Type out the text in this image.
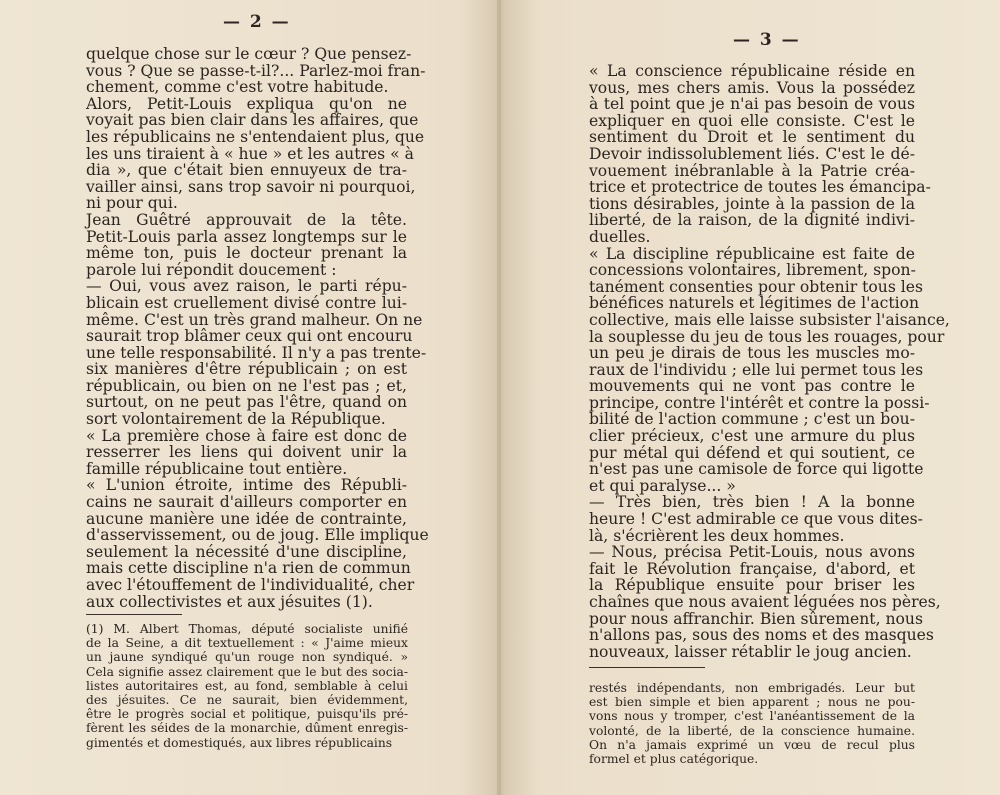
— 2 —
quelque chose sur le cœur ? Que pensez-
vous ? Que se passe-t-il?... Parlez-moi fran-
chement, comme c'est votre habitude.
Alors, Petit-Louis expliqua qu'on ne
voyait pas bien clair dans les affaires, que
les républicains ne s'entendaient plus, que
les uns tiraient à « hue » et les autres « à
dia », que c'était bien ennuyeux de tra-
vailler ainsi, sans trop savoir ni pourquoi,
ni pour qui.
Jean Guêtré approuvait de la tête.
Petit-Louis parla assez longtemps sur le
même ton, puis le docteur prenant la
parole lui répondit doucement :
— Oui, vous avez raison, le parti répu-
blicain est cruellement divisé contre lui-
même. C'est un très grand malheur. On ne
saurait trop blâmer ceux qui ont encouru
une telle responsabilité. Il n'y a pas trente-
six manières d'être républicain ; on est
républicain, ou bien on ne l'est pas ; et,
surtout, on ne peut pas l'être, quand on
sort volontairement de la République.
« La première chose à faire est donc de
resserrer les liens qui doivent unir la
famille républicaine tout entière.
« L'union étroite, intime des Républi-
cains ne saurait d'ailleurs comporter en
aucune manière une idée de contrainte,
d'asservissement, ou de joug. Elle implique
seulement la nécessité d'une discipline,
mais cette discipline n'a rien de commun
avec l'étouffement de l'individualité, cher
aux collectivistes et aux jésuites (1).
(1) M. Albert Thomas, député socialiste unifié
de la Seine, a dit textuellement : « J'aime mieux
un jaune syndiqué qu'un rouge non syndiqué. »
Cela signifie assez clairement que le but des socia-
listes autoritaires est, au fond, semblable à celui
des jésuites. Ce ne saurait, bien évidemment,
être le progrès social et politique, puisqu'ils pré-
fèrent les séides de la monarchie, dûment enregis-
gimentés et domestiqués, aux libres républicains
— 3 —
« La conscience républicaine réside en
vous, mes chers amis. Vous la possédez
à tel point que je n'ai pas besoin de vous
expliquer en quoi elle consiste. C'est le
sentiment du Droit et le sentiment du
Devoir indissolublement liés. C'est le dé-
vouement inébranlable à la Patrie créa-
trice et protectrice de toutes les émancipa-
tions désirables, jointe à la passion de la
liberté, de la raison, de la dignité indivi-
duelles.
« La discipline républicaine est faite de
concessions volontaires, librement, spon-
tanément consenties pour obtenir tous les
bénéfices naturels et légitimes de l'action
collective, mais elle laisse subsister l'aisance,
la souplesse du jeu de tous les rouages, pour
un peu je dirais de tous les muscles mo-
raux de l'individu ; elle lui permet tous les
mouvements qui ne vont pas contre le
principe, contre l'intérêt et contre la possi-
bilité de l'action commune ; c'est un bou-
clier précieux, c'est une armure du plus
pur métal qui défend et qui soutient, ce
n'est pas une camisole de force qui ligotte
et qui paralyse... »
— Très bien, très bien ! A la bonne
heure ! C'est admirable ce que vous dites-
là, s'écrièrent les deux hommes.
— Nous, précisa Petit-Louis, nous avons
fait le Révolution française, d'abord, et
la République ensuite pour briser les
chaînes que nous avaient léguées nos pères,
pour nous affranchir. Bien sûrement, nous
n'allons pas, sous des noms et des masques
nouveaux, laisser rétablir le joug ancien.
restés indépendants, non embrigadés. Leur but
est bien simple et bien apparent ; nous ne pou-
vons nous y tromper, c'est l'anéantissement de la
volonté, de la liberté, de la conscience humaine.
On n'a jamais exprimé un vœu de recul plus
formel et plus catégorique.
